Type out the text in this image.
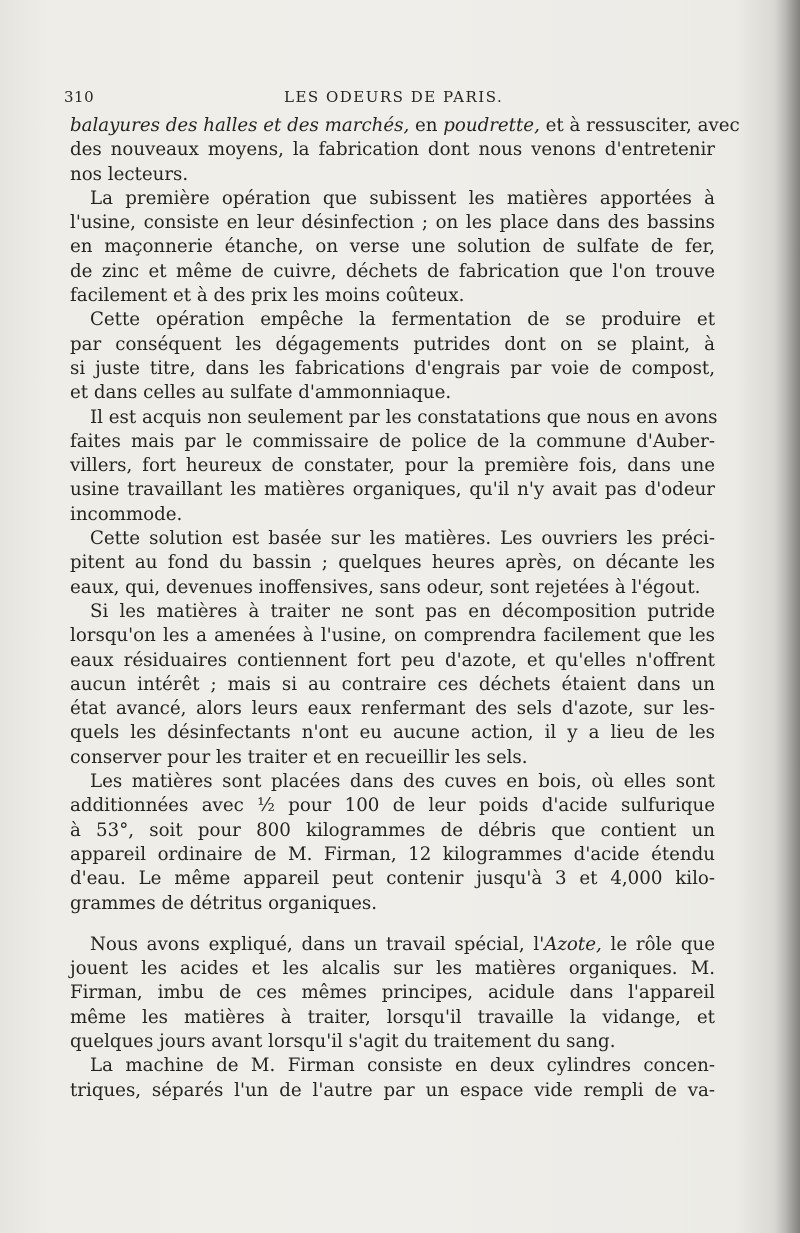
310	LES ODEURS DE PARIS.
balayures des halles et des marchés, en poudrette, et à ressusciter, avec
des nouveaux moyens, la fabrication dont nous venons d'entretenir
nos lecteurs.
La première opération que subissent les matières apportées à
l'usine, consiste en leur désinfection ; on les place dans des bassins
en maçonnerie étanche, on verse une solution de sulfate de fer,
de zinc et même de cuivre, déchets de fabrication que l'on trouve
facilement et à des prix les moins coûteux.
Cette opération empêche la fermentation de se produire et
par conséquent les dégagements putrides dont on se plaint, à
si juste titre, dans les fabrications d'engrais par voie de compost,
et dans celles au sulfate d'ammonniaque.
Il est acquis non seulement par les constatations que nous en avons
faites mais par le commissaire de police de la commune d'Auber-
villers, fort heureux de constater, pour la première fois, dans une
usine travaillant les matières organiques, qu'il n'y avait pas d'odeur
incommode.
Cette solution est basée sur les matières. Les ouvriers les préci-
pitent au fond du bassin ; quelques heures après, on décante les
eaux, qui, devenues inoffensives, sans odeur, sont rejetées à l'égout.
Si les matières à traiter ne sont pas en décomposition putride
lorsqu'on les a amenées à l'usine, on comprendra facilement que les
eaux résiduaires contiennent fort peu d'azote, et qu'elles n'offrent
aucun intérêt ; mais si au contraire ces déchets étaient dans un
état avancé, alors leurs eaux renfermant des sels d'azote, sur les-
quels les désinfectants n'ont eu aucune action, il y a lieu de les
conserver pour les traiter et en recueillir les sels.
Les matières sont placées dans des cuves en bois, où elles sont
additionnées avec ½ pour 100 de leur poids d'acide sulfurique
à 53°, soit pour 800 kilogrammes de débris que contient un
appareil ordinaire de M. Firman, 12 kilogrammes d'acide étendu
d'eau. Le même appareil peut contenir jusqu'à 3 et 4,000 kilo-
grammes de détritus organiques.
Nous avons expliqué, dans un travail spécial, l'Azote, le rôle que
jouent les acides et les alcalis sur les matières organiques. M.
Firman, imbu de ces mêmes principes, acidule dans l'appareil
même les matières à traiter, lorsqu'il travaille la vidange, et
quelques jours avant lorsqu'il s'agit du traitement du sang.
La machine de M. Firman consiste en deux cylindres concen-
triques, séparés l'un de l'autre par un espace vide rempli de va-
